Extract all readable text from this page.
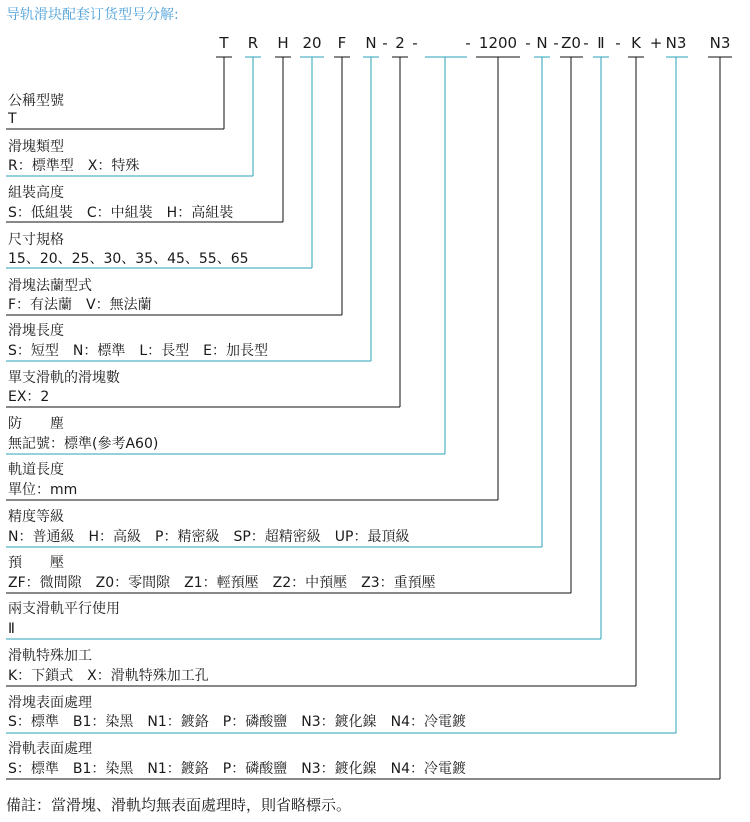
导轨滑块配套订货型号分解:
T R H 20 F N 2	1200 N Z0 Ⅱ K N3 N3
- -	-	- - - - +
公稱型號
T
滑塊類型
R：標準型　X：特殊
組裝高度
S：低組裝　C：中組裝　H：高組裝
尺寸規格
15、20、25、30、35、45、55、65
滑塊法蘭型式
F：有法蘭　V：無法蘭
滑塊長度
S：短型　N：標準　L：長型　E：加長型
單支滑軌的滑塊數
EX：2
防　　塵
無記號：標準(參考A60)
軌道長度
單位：mm
精度等級
N：普通級　H：高級　P：精密級　SP：超精密級　UP：最頂級
預　　壓
ZF：微間隙　Z0：零間隙　Z1：輕預壓　Z2：中預壓　Z3：重預壓
兩支滑軌平行使用
Ⅱ
滑軌特殊加工
K：下鎖式　X：滑軌特殊加工孔
滑塊表面處理
S：標準　B1：染黑　N1：鍍鉻　P：磷酸鹽　N3：鍍化鎳　N4：冷電鍍
滑軌表面處理
S：標準　B1：染黑　N1：鍍鉻　P：磷酸鹽　N3：鍍化鎳　N4：冷電鍍
備註：當滑塊、滑軌均無表面處理時，則省略標示。
